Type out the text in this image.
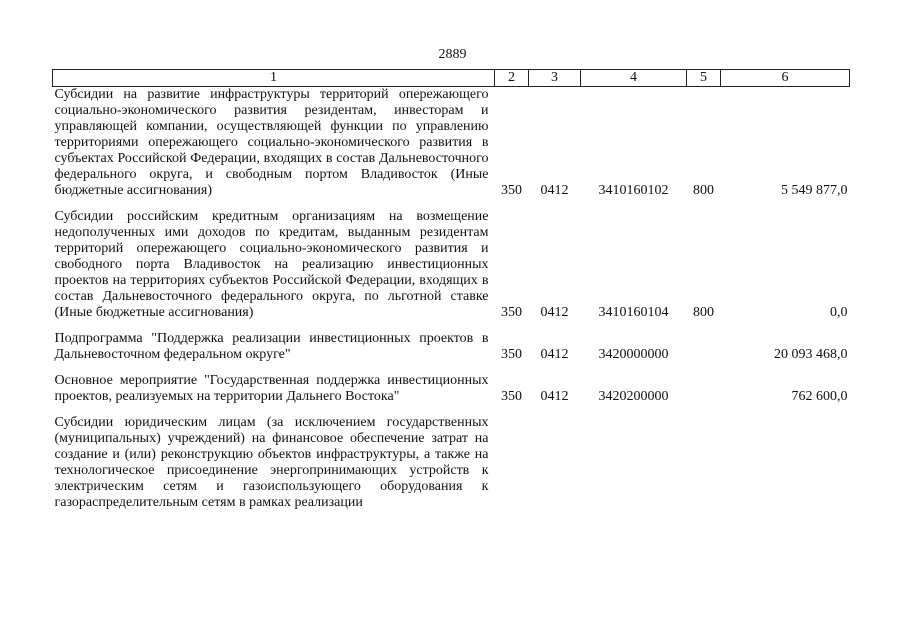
2889
1	2	3	4	5	6
Субсидии на развитие инфраструктуры территорий опережающего социально-экономического развития резидентам, инвесторам и управляющей компании, осуществляющей функции по управлению территориями опережающего социально-экономического развития в субъектах Российской Федерации, входящих в состав Дальневосточного федерального округа, и свободным портом Владивосток (Иные бюджетные ассигнования)	350	0412	3410160102	800	5 549 877,0

Субсидии российским кредитным организациям на возмещение недополученных ими доходов по кредитам, выданным резидентам территорий опережающего социально-экономического развития и свободного порта Владивосток на реализацию инвестиционных проектов на территориях субъектов Российской Федерации, входящих в состав Дальневосточного федерального округа, по льготной ставке (Иные бюджетные ассигнования)	350	0412	3410160104	800	0,0

Подпрограмма "Поддержка реализации инвестиционных проектов в Дальневосточном федеральном округе"	350	0412	3420000000		20 093 468,0

Основное мероприятие "Государственная поддержка инвестиционных проектов, реализуемых на территории Дальнего Востока"	350	0412	3420200000		762 600,0

Субсидии юридическим лицам (за исключением государственных (муниципальных) учреждений) на финансовое обеспечение затрат на создание и (или) реконструкцию объектов инфраструктуры, а также на технологическое присоединение энергопринимающих устройств к электрическим сетям и газоиспользующего оборудования к газораспределительным сетям в рамках реализации					
